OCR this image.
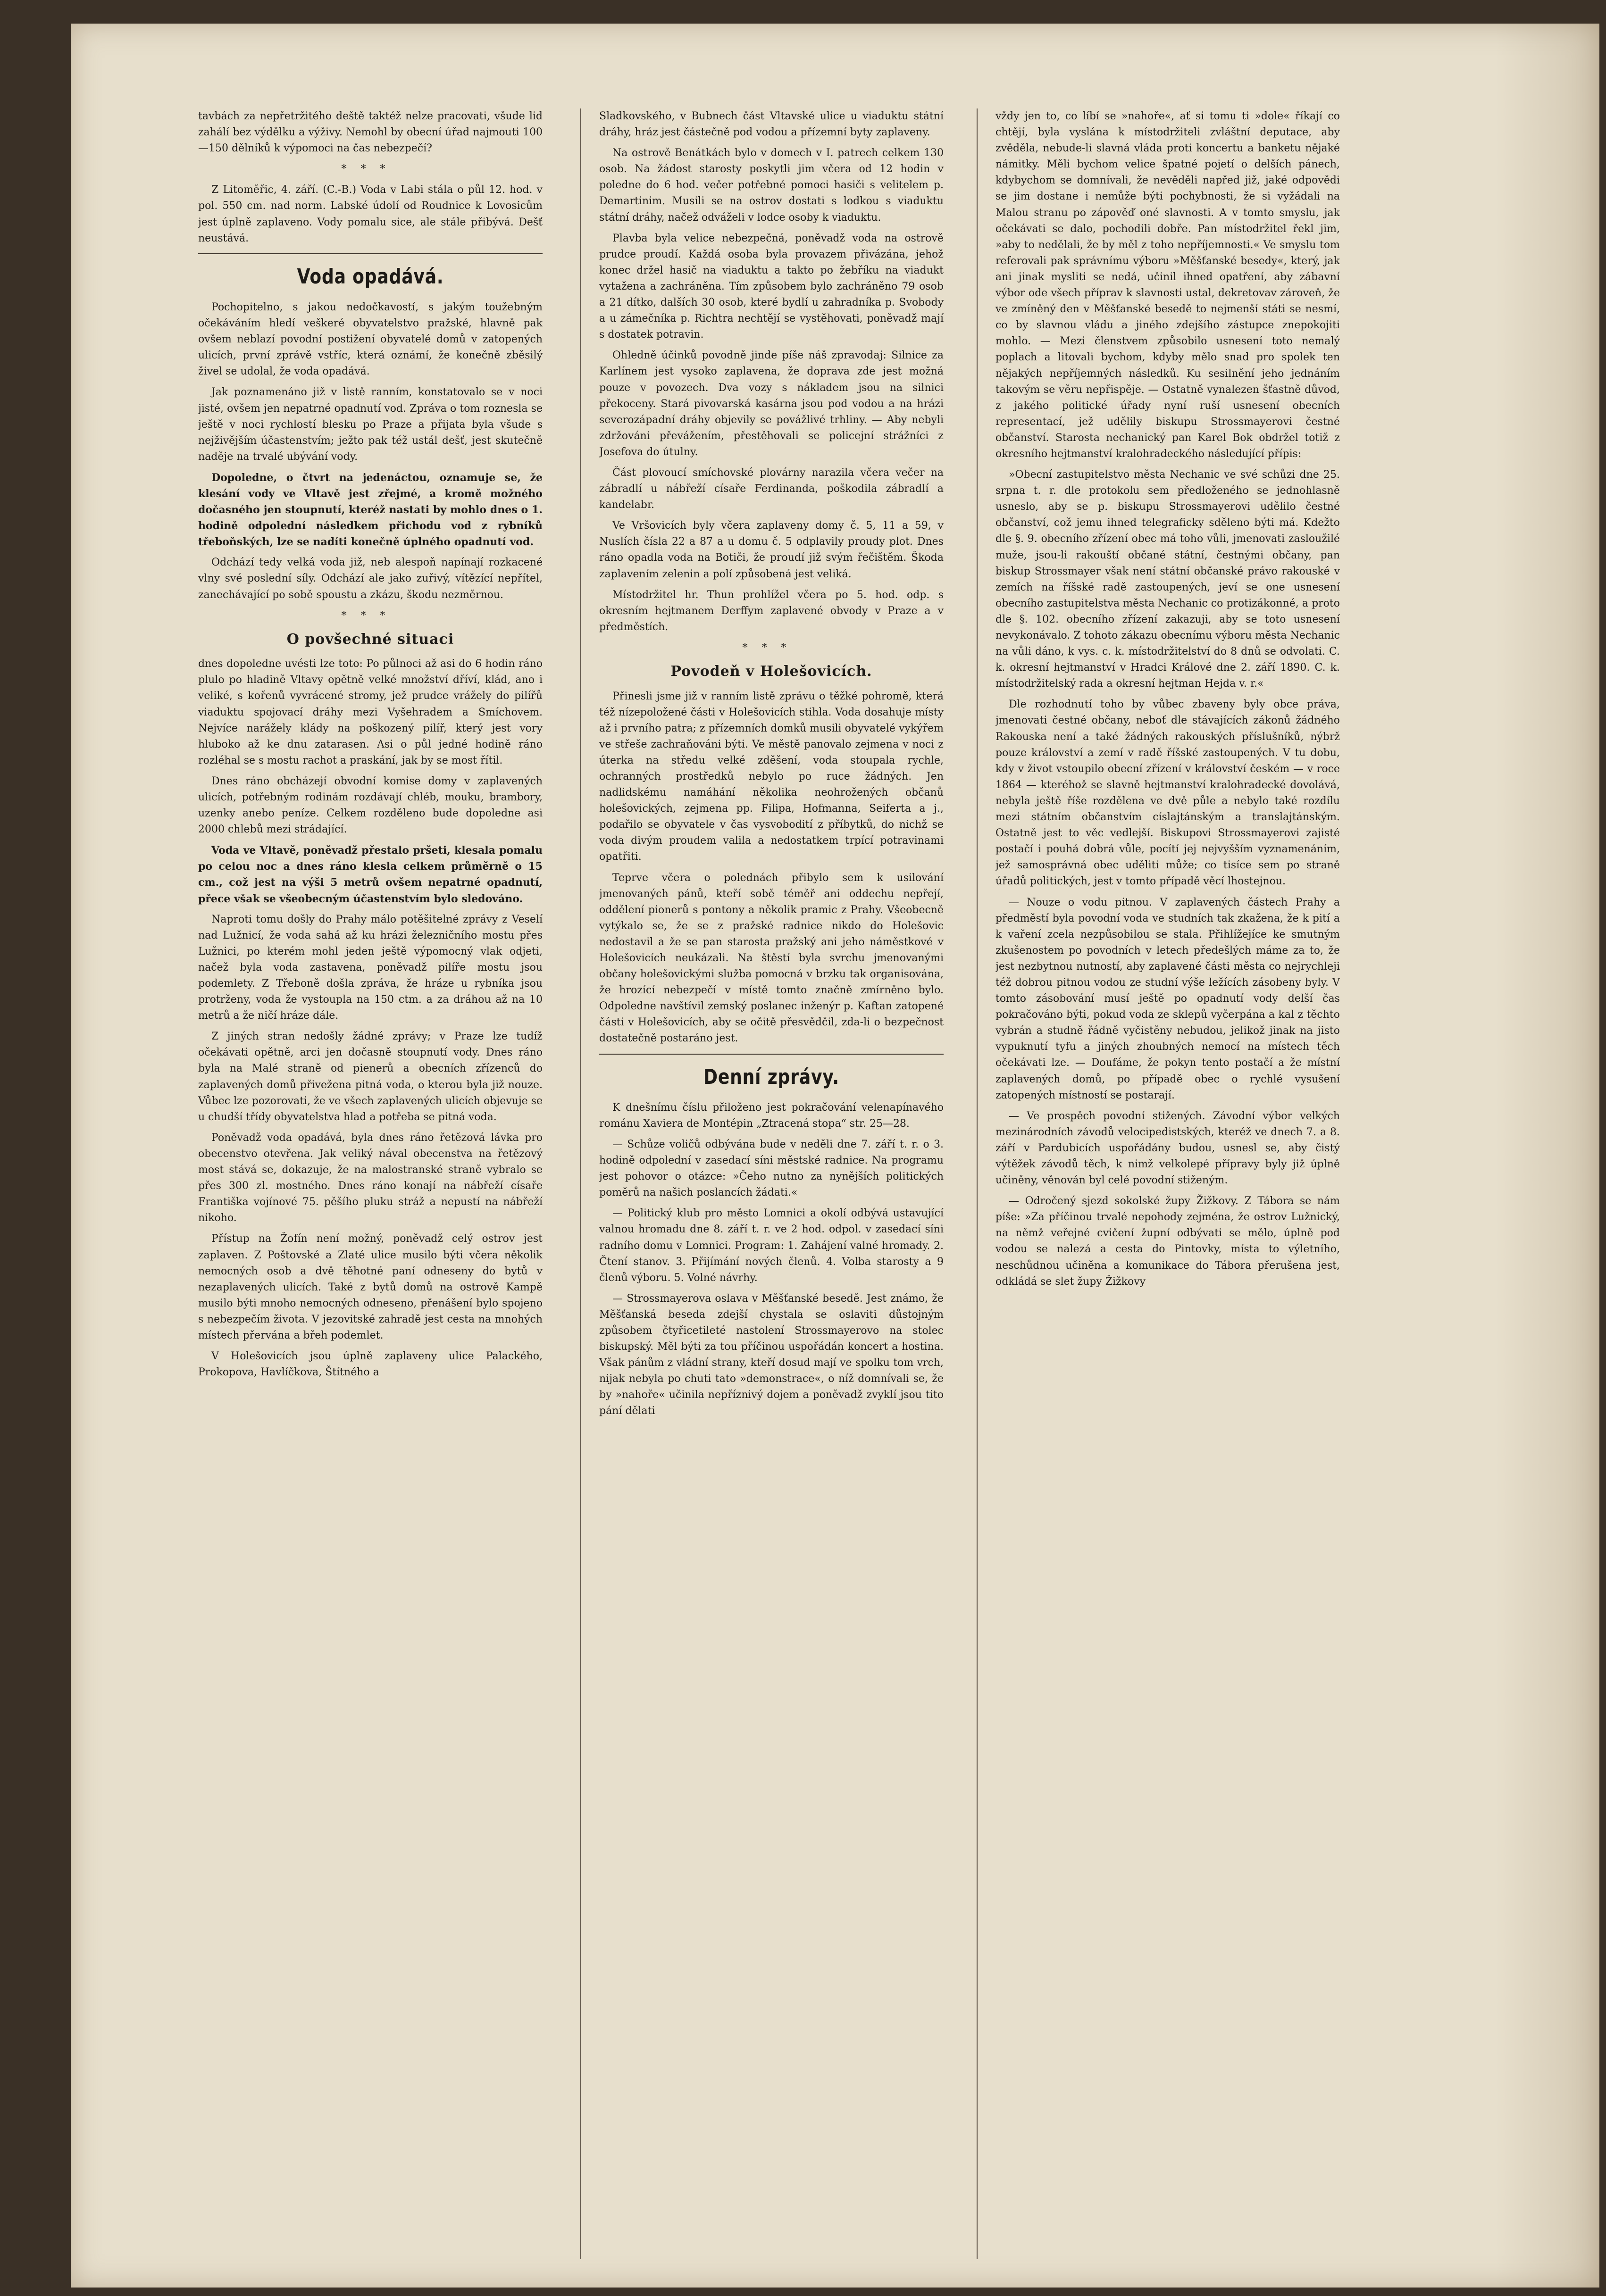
tavbách za nepřetržitého deště taktéž nelze pracovati, všude lid zahálí bez výdělku a výživy. Nemohl by obecní úřad najmouti 100—150 dělníků k výpomoci na čas nebezpečí?

***

Z Litoměřic, 4. září. (C.-B.) Voda v Labi stála o půl 12. hod. v pol. 550 cm. nad norm. Labské údolí od Roudnice k Lovosicům jest úplně zaplaveno. Vody pomalu sice, ale stále přibývá. Dešť neustává.

Voda opadává.

Pochopitelno, s jakou nedočkavostí, s jakým toužebným očekáváním hledí veškeré obyvatelstvo pražské, hlavně pak ovšem neblazí povodní postižení obyvatelé domů v zatopených ulicích, první zprávě vstříc, která oznámí, že konečně zběsilý živel se udolal, že voda opadává.

Jak poznamenáno již v listě ranním, konstatovalo se v noci jisté, ovšem jen nepatrné opadnutí vod. Zpráva o tom roznesla se ještě v noci rychlostí blesku po Praze a přijata byla všude s nejživějším účastenstvím; ježto pak též ustál dešť, jest skutečně naděje na trvalé ubývání vody.

Dopoledne, o čtvrt na jedenáctou, oznamuje se, že klesání vody ve Vltavě jest zřejmé, a kromě možného dočasného jen stoupnutí, kteréž nastati by mohlo dnes o 1. hodině odpolední následkem přichodu vod z rybníků třeboňských, lze se nadíti konečně úplného opadnutí vod.

Odchází tedy velká voda již, neb alespoň napínají rozkacené vlny své poslední síly. Odchází ale jako zuřivý, vítězící nepřítel, zanechávající po sobě spoustu a zkázu, škodu nezměrnou.

***
O povšechné situaci

dnes dopoledne uvésti lze toto: Po půlnoci až asi do 6 hodin ráno plulo po hladině Vltavy opětně velké množství dříví, klád, ano i veliké, s kořenů vyvrácené stromy, jež prudce vrážely do pilířů viaduktu spojovací dráhy mezi Vyšehradem a Smíchovem. Nejvíce narážely klády na poškozený pilíř, který jest vory hluboko až ke dnu zatarasen. Asi o půl jedné hodině ráno rozléhal se s mostu rachot a praskání, jak by se most řítil.

Dnes ráno obcházejí obvodní komise domy v zaplavených ulicích, potřebným rodinám rozdávají chléb, mouku, brambory, uzenky anebo peníze. Celkem rozděleno bude dopoledne asi 2000 chlebů mezi strádající.

Voda ve Vltavě, poněvadž přestalo pršeti, klesala pomalu po celou noc a dnes ráno klesla celkem průměrně o 15 cm., což jest na výši 5 metrů ovšem nepatrné opadnutí, přece však se všeobecným účastenstvím bylo sledováno.

Naproti tomu došly do Prahy málo potěšitelné zprávy z Veselí nad Lužnicí, že voda sahá až ku hrázi železničního mostu přes Lužnici, po kterém mohl jeden ještě výpomocný vlak odjeti, načež byla voda zastavena, poněvadž pilíře mostu jsou podemlety. Z Třeboně došla zpráva, že hráze u rybníka jsou protrženy, voda že vystoupla na 150 ctm. a za dráhou až na 10 metrů a že ničí hráze dále.

Z jiných stran nedošly žádné zprávy; v Praze lze tudíž očekávati opětně, arci jen dočasně stoupnutí vody. Dnes ráno byla na Malé straně od pienerů a obecních zřízenců do zaplavených domů přivežena pitná voda, o kterou byla již nouze. Vůbec lze pozorovati, že ve všech zaplavených ulicích objevuje se u chudší třídy obyvatelstva hlad a potřeba se pitná voda.

Poněvadž voda opadává, byla dnes ráno řetězová lávka pro obecenstvo otevřena. Jak veliký nával obecenstva na řetězový most stává se, dokazuje, že na malostranské straně vybralo se přes 300 zl. mostného. Dnes ráno konají na nábřeží císaře Františka vojínové 75. pěšího pluku stráž a nepustí na nábřeží nikoho.

Přístup na Žofín není možný, poněvadž celý ostrov jest zaplaven. Z Poštovské a Zlaté ulice musilo býti včera několik nemocných osob a dvě těhotné paní odneseny do bytů v nezaplavených ulicích. Také z bytů domů na ostrově Kampě musilo býti mnoho nemocných odneseno, přenášení bylo spojeno s nebezpečím života. V jezovitské zahradě jest cesta na mnohých místech přervána a břeh podemlet.

V Holešovicích jsou úplně zaplaveny ulice Palackého, Prokopova, Havlíčkova, Štítného a

Sladkovského, v Bubnech část Vltavské ulice u viaduktu státní dráhy, hráz jest částečně pod vodou a přízemní byty zaplaveny.

Na ostrově Benátkách bylo v domech v I. patrech celkem 130 osob. Na žádost starosty poskytli jim včera od 12 hodin v poledne do 6 hod. večer potřebné pomoci hasiči s velitelem p. Demartinim. Musili se na ostrov dostati s lodkou s viaduktu státní dráhy, načež odváželi v lodce osoby k viaduktu.

Plavba byla velice nebezpečná, poněvadž voda na ostrově prudce proudí. Každá osoba byla provazem přivázána, jehož konec držel hasič na viaduktu a takto po žebříku na viadukt vytažena a zachráněna. Tím způsobem bylo zachráněno 79 osob a 21 dítko, dalších 30 osob, které bydlí u zahradníka p. Svobody a u zámečníka p. Richtra nechtějí se vystěhovati, poněvadž mají s dostatek potravin.

Ohledně účinků povodně jinde píše náš zpravodaj: Silnice za Karlínem jest vysoko zaplavena, že doprava zde jest možná pouze v povozech. Dva vozy s nákladem jsou na silnici překoceny. Stará pivovarská kasárna jsou pod vodou a na hrázi severozápadní dráhy objevily se povážlivé trhliny. — Aby nebyli zdržováni převážením, přestěhovali se policejní strážníci z Josefova do útulny.

Část plovoucí smíchovské plovárny narazila včera večer na zábradlí u nábřeží císaře Ferdinanda, poškodila zábradlí a kandelabr.

Ve Vršovicích byly včera zaplaveny domy č. 5, 11 a 59, v Nuslích čísla 22 a 87 a u domu č. 5 odplavily proudy plot. Dnes ráno opadla voda na Botiči, že proudí již svým řečištěm. Škoda zaplavením zelenin a polí způsobená jest veliká.

Místodržitel hr. Thun prohlížel včera po 5. hod. odp. s okresním hejtmanem Derffym zaplavené obvody v Praze a v předměstích.

***
Povodeň v Holešovicích.

Přinesli jsme již v ranním listě zprávu o těžké pohromě, která též nízepoložené části v Holešovicích stihla. Voda dosahuje místy až i prvního patra; z přízemních domků musili obyvatelé vykýřem ve střeše zachraňováni býti. Ve městě panovalo zejmena v noci z úterka na středu velké zděšení, voda stoupala rychle, ochranných prostředků nebylo po ruce žádných. Jen nadlidskému namáhání několika neohrožených občanů holešovických, zejmena pp. Filipa, Hofmanna, Seiferta a j., podařilo se obyvatele v čas vysvobodití z příbytků, do nichž se voda divým proudem valila a nedostatkem trpící potravinami opatřiti.

Teprve včera o polednách přibylo sem k usilování jmenovaných pánů, kteří sobě téměř ani oddechu nepřejí, oddělení pionerů s pontony a několik pramic z Prahy. Všeobecně vytýkalo se, že se z pražské radnice nikdo do Holešovic nedostavil a že se pan starosta pražský ani jeho náměstkové v Holešovicích neukázali. Na štěstí byla svrchu jmenovanými občany holešovickými služba pomocná v brzku tak organisována, že hrozící nebezpečí v místě tomto značně zmírněno bylo. Odpoledne navštívil zemský poslanec inženýr p. Kaftan zatopené části v Holešovicích, aby se očitě přesvědčil, zda-li o bezpečnost dostatečně postaráno jest.

Denní zprávy.

K dnešnímu číslu přiloženo jest pokračování velenapínavého románu Xaviera de Montépin „Ztracená stopa“ str. 25—28.

— Schůze voličů odbývána bude v neděli dne 7. září t. r. o 3. hodině odpolední v zasedací síni městské radnice. Na programu jest pohovor o otázce: »Čeho nutno za nynějších politických poměrů na našich poslancích žádati.«

— Politický klub pro město Lomnici a okolí odbývá ustavující valnou hromadu dne 8. září t. r. ve 2 hod. odpol. v zasedací síni radního domu v Lomnici. Program: 1. Zahájení valné hromady. 2. Čtení stanov. 3. Přijímání nových členů. 4. Volba starosty a 9 členů výboru. 5. Volné návrhy.

— Strossmayerova oslava v Měšťanské besedě. Jest známo, že Měšťanská beseda zdejší chystala se oslaviti důstojným způsobem čtyřicetileté nastolení Strossmayerovo na stolec biskupský. Měl býti za tou příčinou uspořádán koncert a hostina. Však pánům z vládní strany, kteří dosud mají ve spolku tom vrch, nijak nebyla po chuti tato »demonstrace«, o níž domnívali se, že by »nahoře« učinila nepříznivý dojem a poněvadž zvyklí jsou tito pání dělati

vždy jen to, co líbí se »nahoře«, ať si tomu ti »dole« říkají co chtějí, byla vyslána k místodržiteli zvláštní deputace, aby zvěděla, nebude-li slavná vláda proti koncertu a banketu nějaké námitky. Měli bychom velice špatné pojetí o delších pánech, kdybychom se domnívali, že nevěděli napřed již, jaké odpovědi se jim dostane i nemůže býti pochybnosti, že si vyžádali na Malou stranu po zápověď oné slavnosti. A v tomto smyslu, jak očekávati se dalo, pochodili dobře. Pan místodržitel řekl jim, »aby to nedělali, že by měl z toho nepříjemnosti.« Ve smyslu tom referovali pak správnímu výboru »Měšťanské besedy«, který, jak ani jinak mysliti se nedá, učinil ihned opatření, aby zábavní výbor ode všech příprav k slavnosti ustal, dekretovav zároveň, že ve zmíněný den v Měšťanské besedě to nejmenší státi se nesmí, co by slavnou vládu a jiného zdejšího zástupce znepokojiti mohlo. — Mezi členstvem způsobilo usnesení toto nemalý poplach a litovali bychom, kdyby mělo snad pro spolek ten nějakých nepříjemných následků. Ku sesilnění jeho jednáním takovým se věru nepřispěje. — Ostatně vynalezen šťastně důvod, z jakého politické úřady nyní ruší usnesení obecních representací, jež udělily biskupu Strossmayerovi čestné občanství. Starosta nechanický pan Karel Bok obdržel totiž z okresního hejtmanství kralohradeckého následující přípis:

»Obecní zastupitelstvo města Nechanic ve své schůzi dne 25. srpna t. r. dle protokolu sem předloženého se jednohlasně usneslo, aby se p. biskupu Strossmayerovi udělilo čestné občanství, což jemu ihned telegraficky sděleno býti má. Kdežto dle §. 9. obecního zřízení obec má toho vůli, jmenovati zasloužilé muže, jsou-li rakouští občané státní, čestnými občany, pan biskup Strossmayer však není státní občanské právo rakouské v zemích na říšské radě zastoupených, jeví se one usnesení obecního zastupitelstva města Nechanic co protizákonné, a proto dle §. 102. obecního zřízení zakazuji, aby se toto usnesení nevykonávalo. Z tohoto zákazu obecnímu výboru města Nechanic na vůli dáno, k vys. c. k. místodržitelství do 8 dnů se odvolati. C. k. okresní hejtmanství v Hradci Králové dne 2. září 1890. C. k. místodržitelský rada a okresní hejtman Hejda v. r.«

Dle rozhodnutí toho by vůbec zbaveny byly obce práva, jmenovati čestné občany, neboť dle stávajících zákonů žádného Rakouska není a také žádných rakouských příslušníků, nýbrž pouze království a zemí v radě říšské zastoupených. V tu dobu, kdy v život vstoupilo obecní zřízení v království českém — v roce 1864 — kteréhož se slavně hejtmanství kralohradecké dovolává, nebyla ještě říše rozdělena ve dvě půle a nebylo také rozdílu mezi státním občanstvím císlajtánským a translajtánským. Ostatně jest to věc vedlejší. Biskupovi Strossmayerovi zajisté postačí i pouhá dobrá vůle, pocítí jej nejvyšším vyznamenáním, jež samosprávná obec uděliti může; co tisíce sem po straně úřadů politických, jest v tomto případě věcí lhostejnou.

— Nouze o vodu pitnou. V zaplavených částech Prahy a předměstí byla povodní voda ve studních tak zkažena, že k pití a k vaření zcela nezpůsobilou se stala. Přihlížejíce ke smutným zkušenostem po povodních v letech předešlých máme za to, že jest nezbytnou nutností, aby zaplavené části města co nejrychleji též dobrou pitnou vodou ze studní výše ležících zásobeny byly. V tomto zásobování musí ještě po opadnutí vody delší čas pokračováno býti, pokud voda ze sklepů vyčerpána a kal z těchto vybrán a studně řádně vyčistěny nebudou, jelikož jinak na jisto vypuknutí tyfu a jiných zhoubných nemocí na místech těch očekávati lze. — Doufáme, že pokyn tento postačí a že místní zaplavených domů, po případě obec o rychlé vysušení zatopených místností se postarají.

— Ve prospěch povodní stižených. Závodní výbor velkých mezinárodních závodů velocipedistských, kteréž ve dnech 7. a 8. září v Pardubicích uspořádány budou, usnesl se, aby čistý výtěžek závodů těch, k nimž velkolepé přípravy byly již úplně učiněny, věnován byl celé povodní stiženým.

— Odročený sjezd sokolské župy Žižkovy. Z Tábora se nám píše: »Za příčinou trvalé nepohody zejména, že ostrov Lužnický, na němž veřejné cvičení župní odbývati se mělo, úplně pod vodou se nalezá a cesta do Pintovky, místa to výletního, neschůdnou učiněna a komunikace do Tábora přerušena jest, odkládá se slet župy Žižkovy
